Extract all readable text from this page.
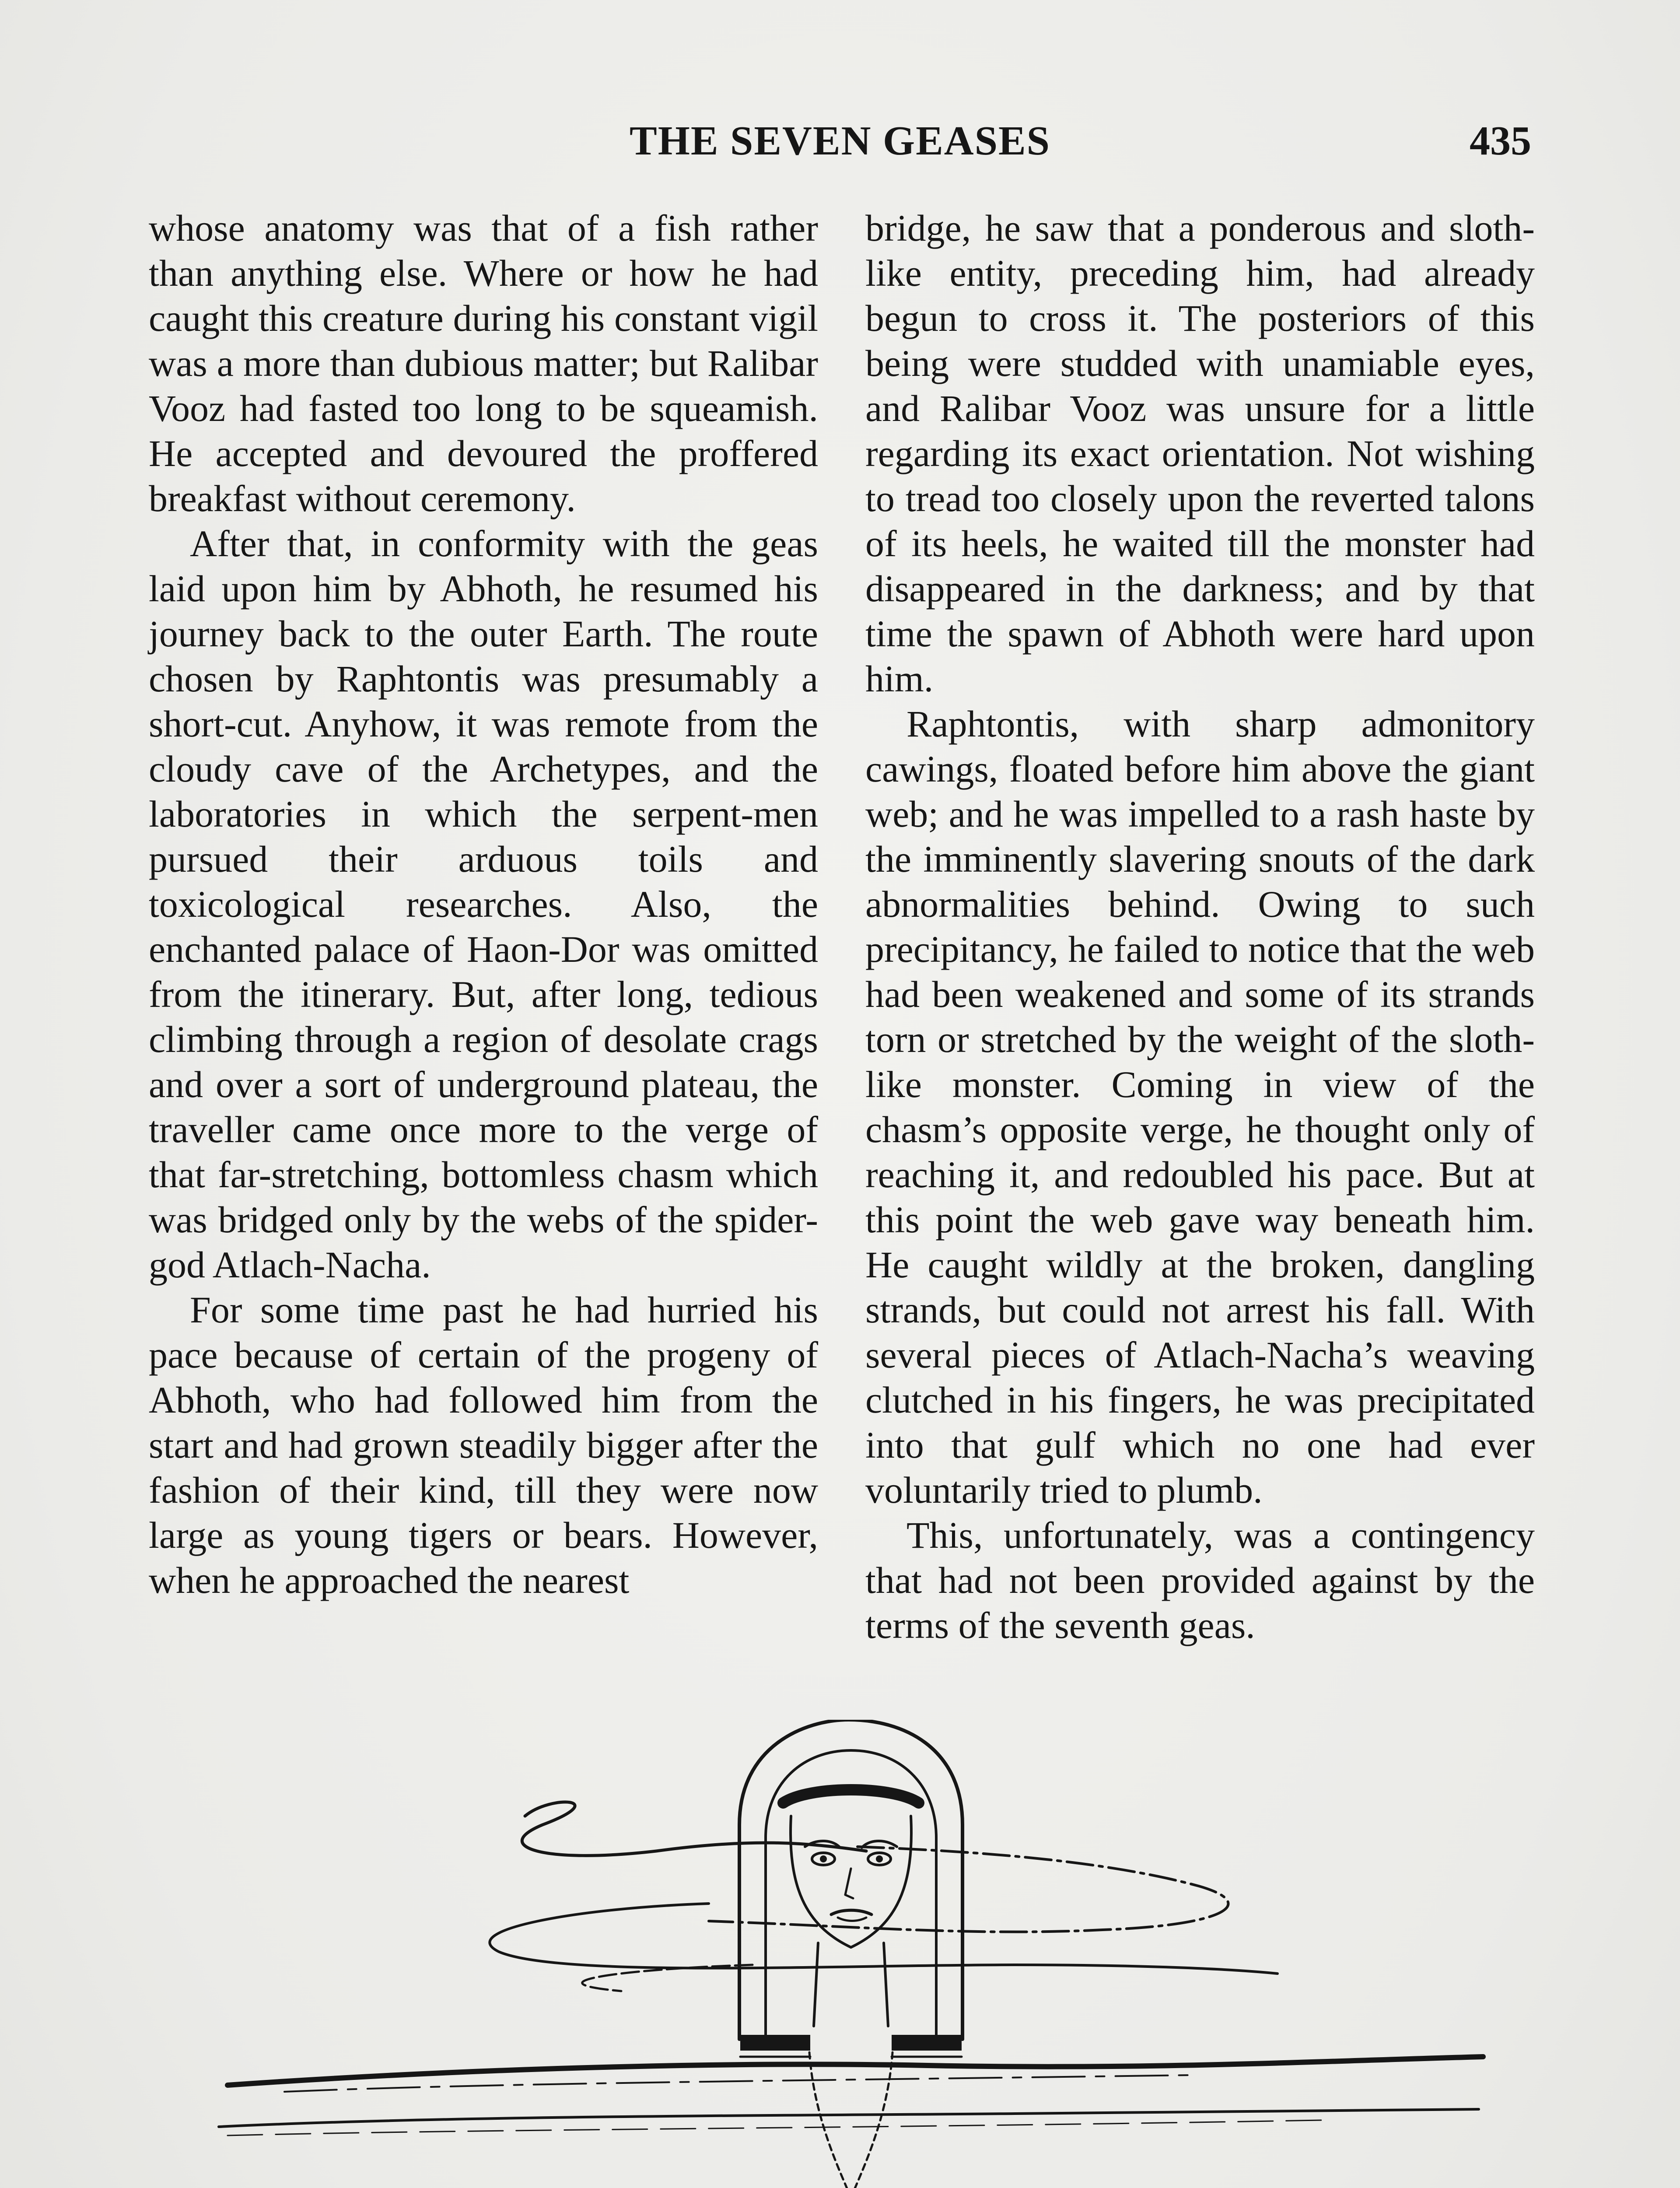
THE SEVEN GEASES	435

whose anatomy was that of a fish rather than anything else. Where or how he had caught this creature during his constant vigil was a more than dubious matter; but Ralibar Vooz had fasted too long to be squeamish. He accepted and devoured the proffered breakfast without ceremony.

After that, in conformity with the geas laid upon him by Abhoth, he resumed his journey back to the outer Earth. The route chosen by Raphtontis was presumably a short-cut. Anyhow, it was remote from the cloudy cave of the Archetypes, and the laboratories in which the serpent-men pursued their arduous toils and toxicological researches. Also, the enchanted palace of Haon-Dor was omitted from the itinerary. But, after long, tedious climbing through a region of desolate crags and over a sort of underground plateau, the traveller came once more to the verge of that far-stretching, bottomless chasm which was bridged only by the webs of the spider-god Atlach-Nacha.

For some time past he had hurried his pace because of certain of the progeny of Abhoth, who had followed him from the start and had grown steadily bigger after the fashion of their kind, till they were now large as young tigers or bears. However, when he approached the nearest

bridge, he saw that a ponderous and sloth-like entity, preceding him, had already begun to cross it. The posteriors of this being were studded with unamiable eyes, and Ralibar Vooz was unsure for a little regarding its exact orientation. Not wishing to tread too closely upon the reverted talons of its heels, he waited till the monster had disappeared in the darkness; and by that time the spawn of Abhoth were hard upon him.

Raphtontis, with sharp admonitory cawings, floated before him above the giant web; and he was impelled to a rash haste by the imminently slavering snouts of the dark abnormalities behind. Owing to such precipitancy, he failed to notice that the web had been weakened and some of its strands torn or stretched by the weight of the sloth-like monster. Coming in view of the chasm’s opposite verge, he thought only of reaching it, and redoubled his pace. But at this point the web gave way beneath him. He caught wildly at the broken, dangling strands, but could not arrest his fall. With several pieces of Atlach-Nacha’s weaving clutched in his fingers, he was precipitated into that gulf which no one had ever voluntarily tried to plumb.

This, unfortunately, was a contingency that had not been provided against by the terms of the seventh geas.
